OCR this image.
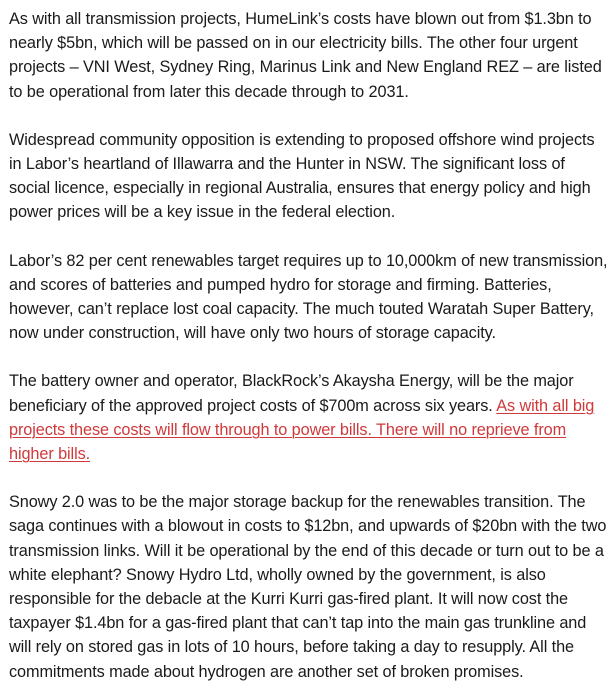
As with all transmission projects, HumeLink’s costs have blown out from $1.3bn to nearly $5bn, which will be passed on in our electricity bills. The other four urgent projects – VNI West, Sydney Ring, Marinus Link and New England REZ – are listed to be operational from later this decade through to 2031.

Widespread community opposition is extending to proposed offshore wind projects in Labor’s heartland of Illawarra and the Hunter in NSW. The significant loss of social licence, especially in regional Australia, ensures that energy policy and high power prices will be a key issue in the federal election.

Labor’s 82 per cent renewables target requires up to 10,000km of new transmission, and scores of batteries and pumped hydro for storage and firming. Batteries, however, can’t replace lost coal capacity. The much touted Waratah Super Battery, now under construction, will have only two hours of storage capacity.

The battery owner and operator, BlackRock’s Akaysha Energy, will be the major beneficiary of the approved project costs of $700m across six years. As with all big projects these costs will flow through to power bills. There will no reprieve from higher bills.

Snowy 2.0 was to be the major storage backup for the renewables transition. The saga continues with a blowout in costs to $12bn, and upwards of $20bn with the two transmission links. Will it be operational by the end of this decade or turn out to be a white elephant? Snowy Hydro Ltd, wholly owned by the government, is also responsible for the debacle at the Kurri Kurri gas-fired plant. It will now cost the taxpayer $1.4bn for a gas-fired plant that can’t tap into the main gas trunkline and will rely on stored gas in lots of 10 hours, before taking a day to resupply. All the commitments made about hydrogen are another set of broken promises.
